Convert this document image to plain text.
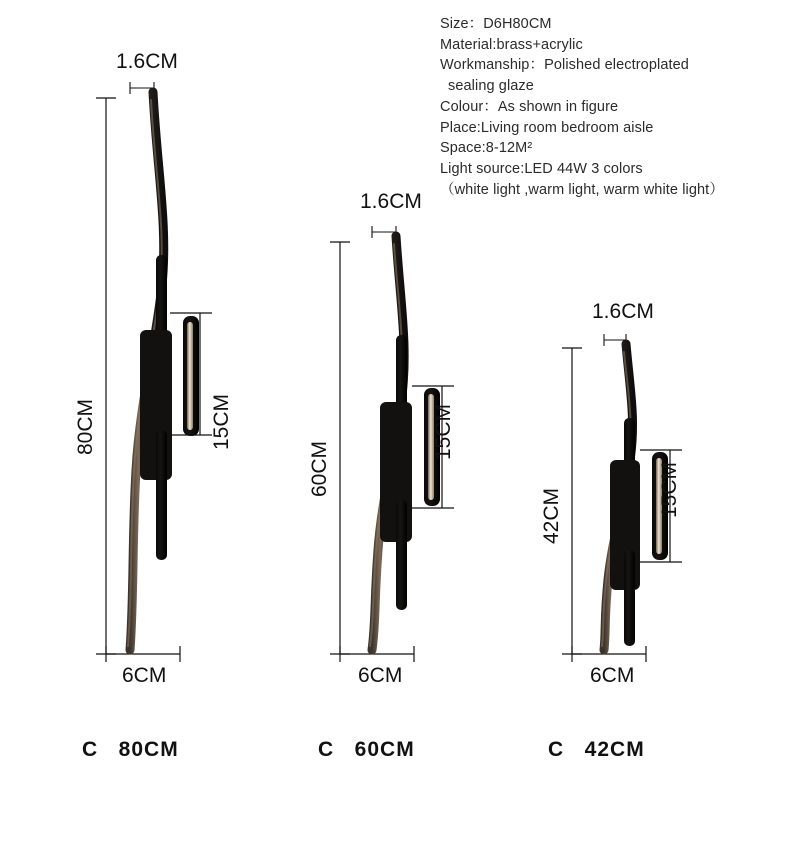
Size：D6H80CM
Material:brass+acrylic
Workmanship：Polished electroplated
sealing glaze
Colour：As shown in figure
Place:Living room bedroom aisle
Space:8-12M²
Light source:LED 44W 3 colors
（white light ,warm light, warm white light）
1.6CM
80CM	15CM
6CM
C   80CM
1.6CM
60CM
15CM
6CM
C   60CM
1.6CM
42CM	15CM
6CM
C   42CM
